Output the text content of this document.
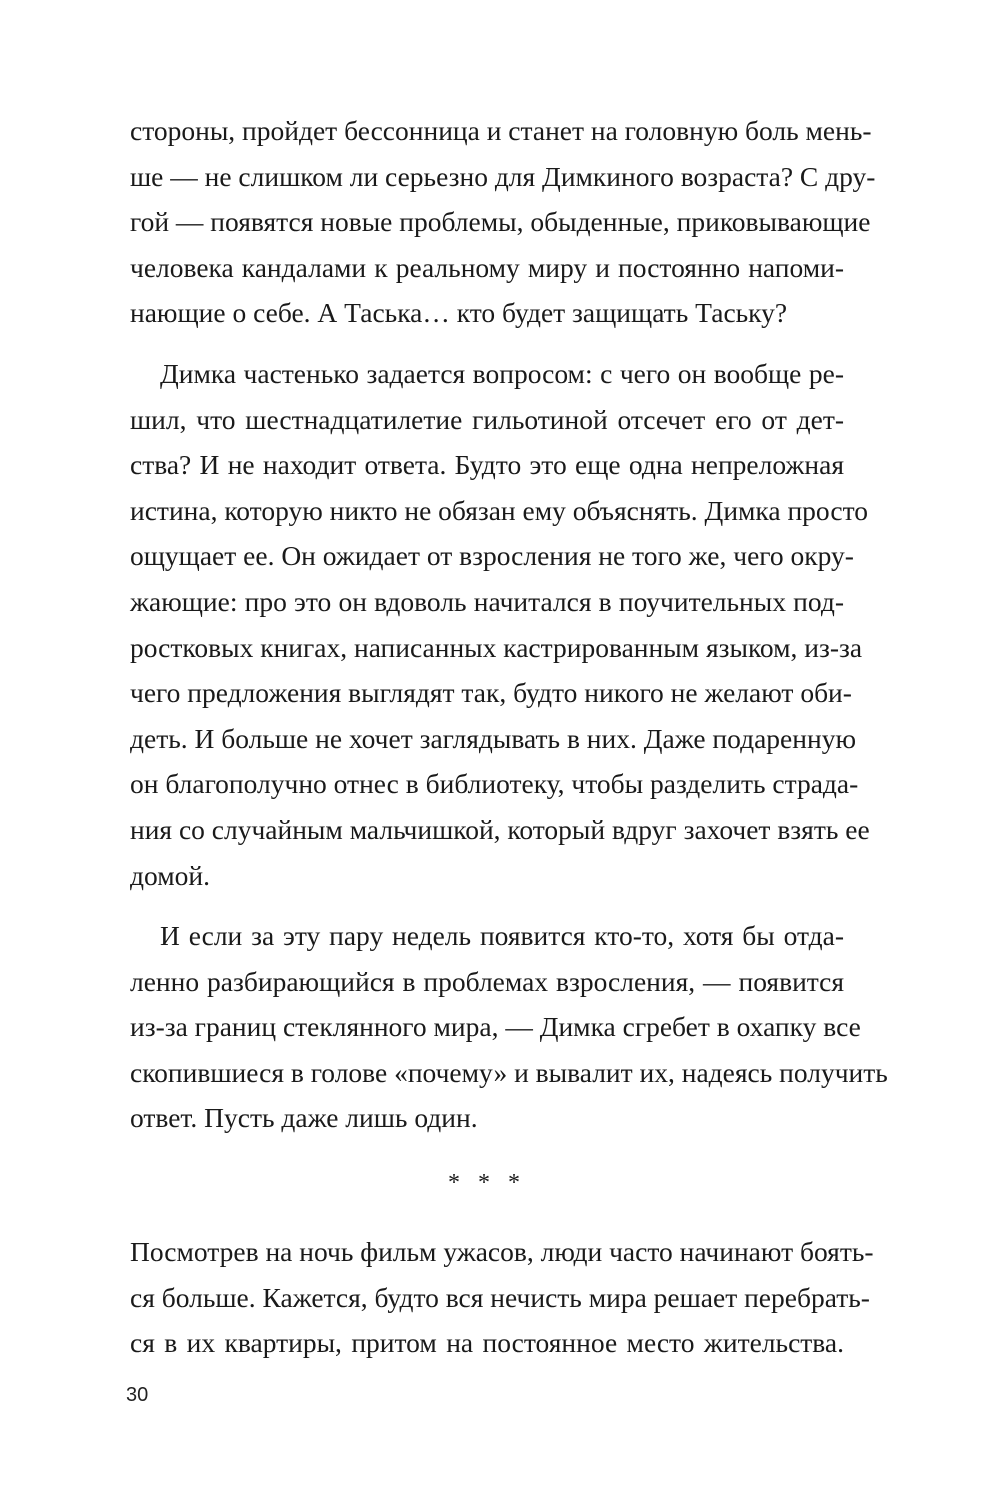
стороны, пройдет бессонница и станет на головную боль мень-
ше — не слишком ли серьезно для Димкиного возраста? С дру-
гой — появятся новые проблемы, обыденные, приковывающие
человека кандалами к реальному миру и постоянно напоми-
нающие о себе. А Таська… кто будет защищать Таську?

Димка частенько задается вопросом: с чего он вообще ре-
шил, что шестнадцатилетие гильотиной отсечет его от дет-
ства? И не находит ответа. Будто это еще одна непреложная
истина, которую никто не обязан ему объяснять. Димка просто
ощущает ее. Он ожидает от взросления не того же, чего окру-
жающие: про это он вдоволь начитался в поучительных под-
ростковых книгах, написанных кастрированным языком, из-за
чего предложения выглядят так, будто никого не желают оби-
деть. И больше не хочет заглядывать в них. Даже подаренную
он благополучно отнес в библиотеку, чтобы разделить страда-
ния со случайным мальчишкой, который вдруг захочет взять ее
домой.

И если за эту пару недель появится кто-то, хотя бы отда-
ленно разбирающийся в проблемах взросления, — появится
из-за границ стеклянного мира, — Димка сгребет в охапку все
скопившиеся в голове «почему» и вывалит их, надеясь получить
ответ. Пусть даже лишь один.

* * *

Посмотрев на ночь фильм ужасов, люди часто начинают боять-
ся больше. Кажется, будто вся нечисть мира решает перебрать-
ся в их квартиры, притом на постоянное место жительства.

30
